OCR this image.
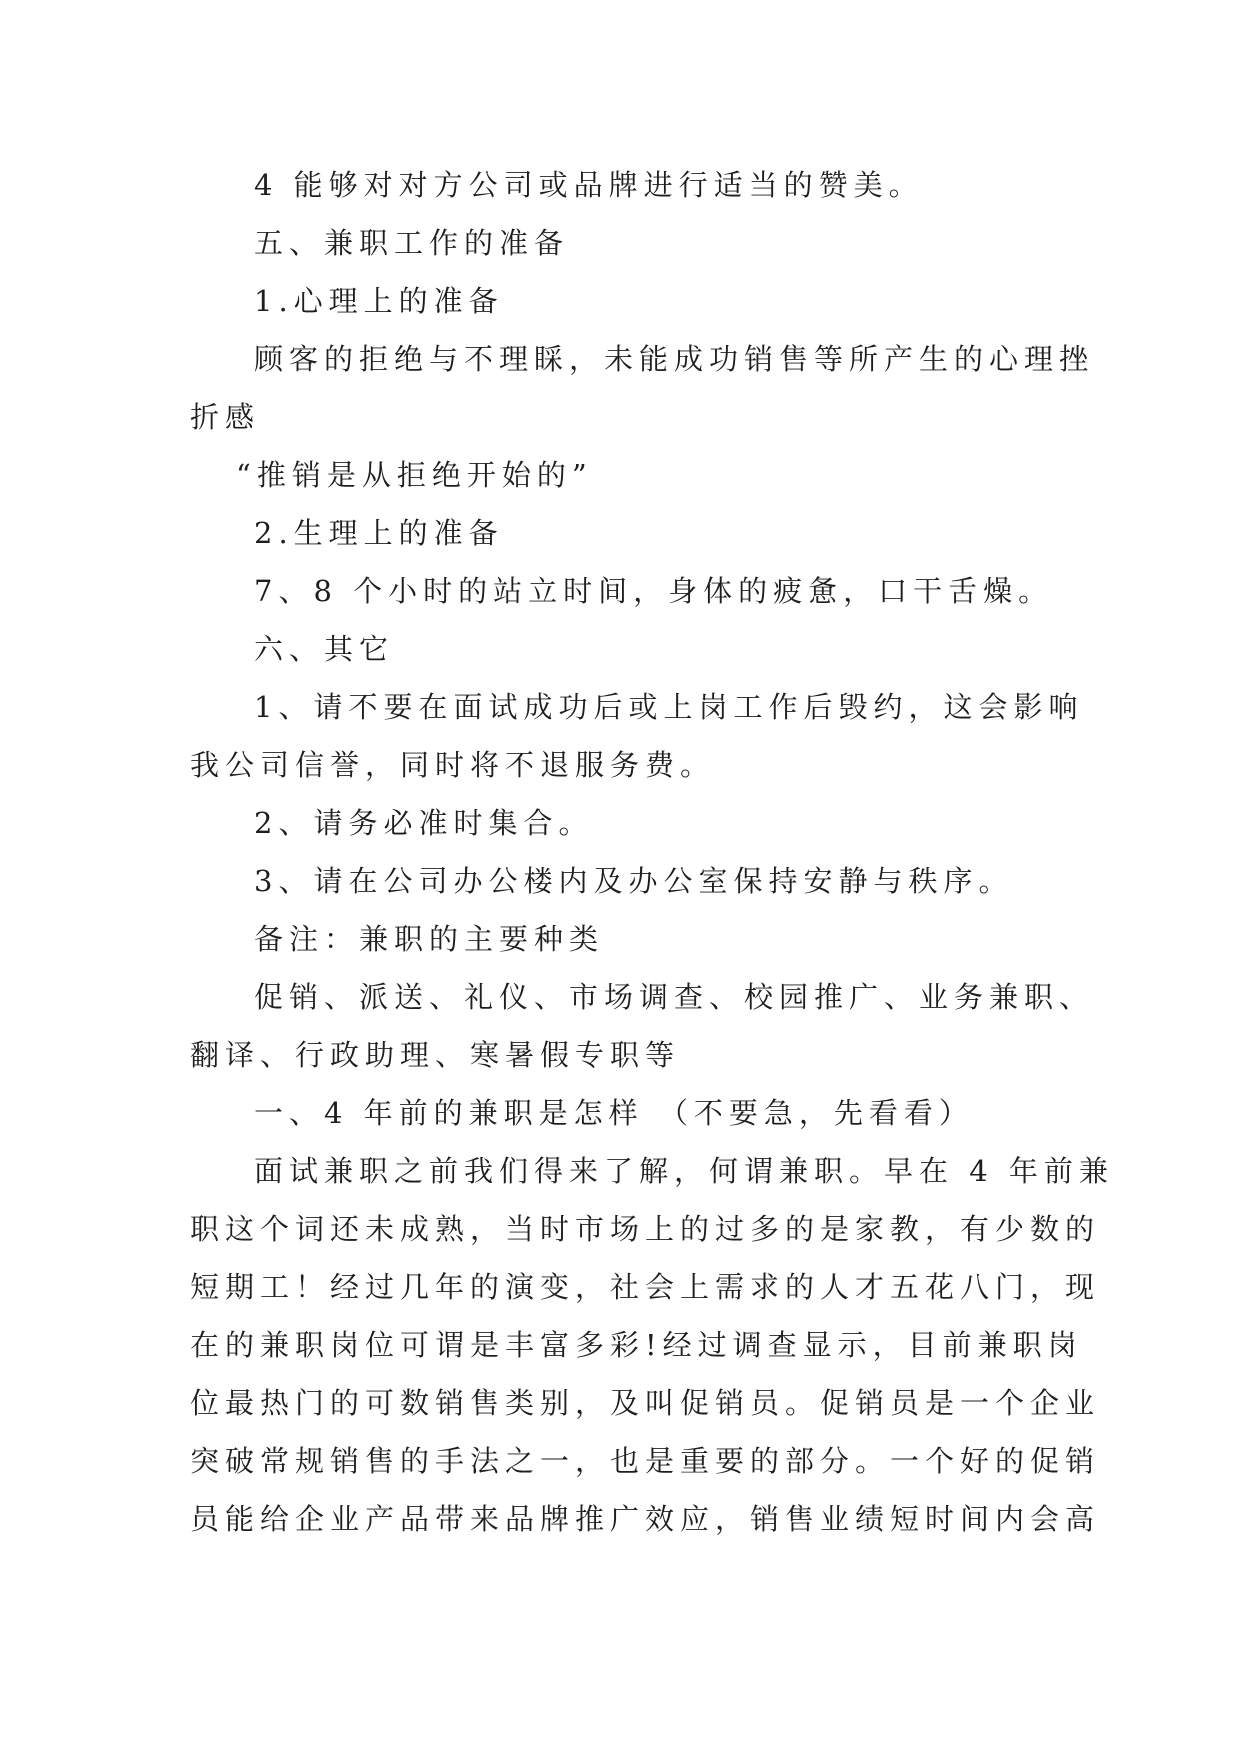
4 能够对对方公司或品牌进行适当的赞美。

五、兼职工作的准备

1.心理上的准备

顾客的拒绝与不理睬，未能成功销售等所产生的心理挫

折感

“推销是从拒绝开始的”

2.生理上的准备

7、8 个小时的站立时间，身体的疲惫，口干舌燥。

六、其它

1、请不要在面试成功后或上岗工作后毁约，这会影响

我公司信誉，同时将不退服务费。

2、请务必准时集合。

3、请在公司办公楼内及办公室保持安静与秩序。

备注：兼职的主要种类

促销、派送、礼仪、市场调查、校园推广、业务兼职、

翻译、行政助理、寒暑假专职等

一、4 年前的兼职是怎样 （不要急，先看看）

面试兼职之前我们得来了解，何谓兼职。早在 4 年前兼

职这个词还未成熟，当时市场上的过多的是家教，有少数的

短期工！经过几年的演变，社会上需求的人才五花八门，现

在的兼职岗位可谓是丰富多彩!经过调查显示，目前兼职岗

位最热门的可数销售类别，及叫促销员。促销员是一个企业

突破常规销售的手法之一，也是重要的部分。一个好的促销

员能给企业产品带来品牌推广效应，销售业绩短时间内会高
